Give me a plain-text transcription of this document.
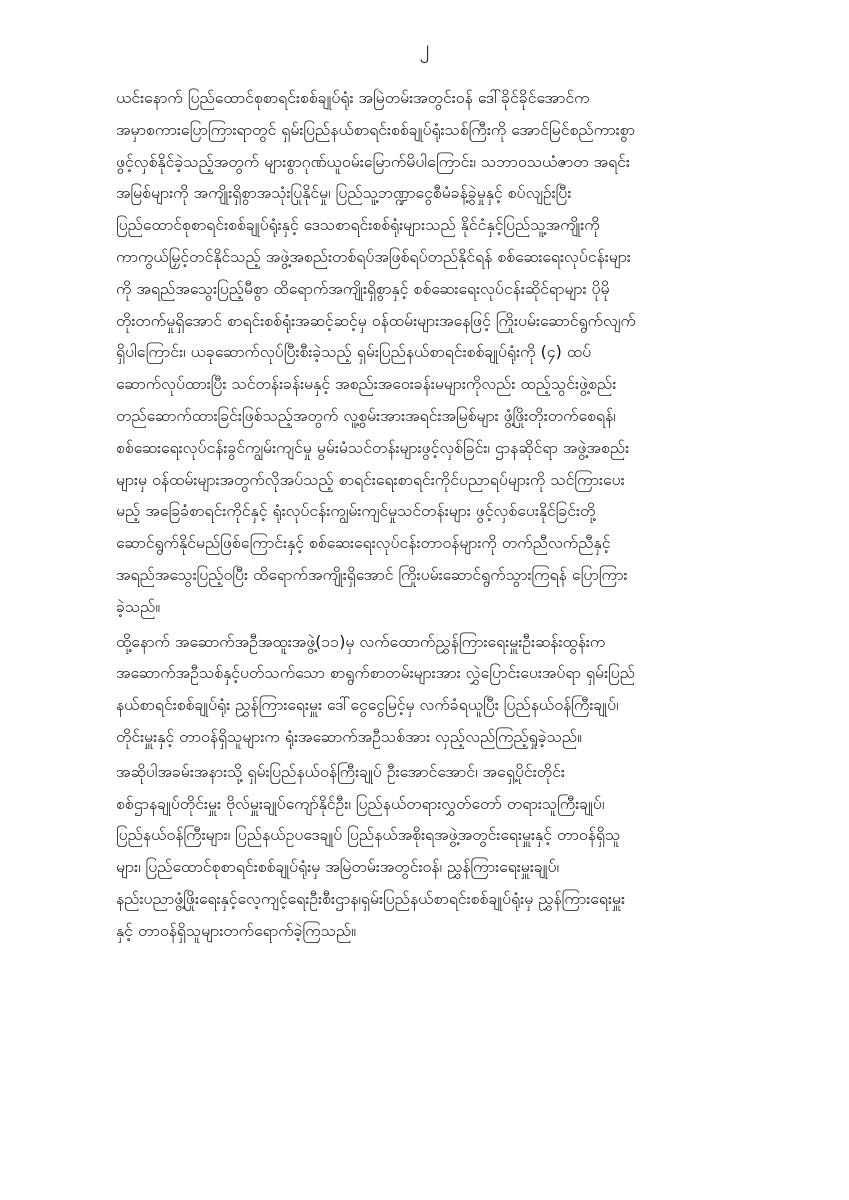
၂

ယင်းနောက် ပြည်ထောင်စုစာရင်းစစ်ချုပ်ရုံး အမြဲတမ်းအတွင်းဝန် ဒေါ်ခိုင်ခိုင်အောင်က
အမှာစကားပြောကြားရာတွင် ရှမ်းပြည်နယ်စာရင်းစစ်ချုပ်ရုံးသစ်ကြီးကို အောင်မြင်စည်ကားစွာ
ဖွင့်လှစ်နိုင်ခဲ့သည့်အတွက် များစွာဂုဏ်ယူဝမ်းမြောက်မိပါကြောင်း၊ သဘာဝသယံဇာတ အရင်း
အမြစ်များကို အကျိုးရှိစွာအသုံးပြုနိုင်မှု၊ ပြည်သူ့ဘဏ္ဍာငွေစီမံခန့်ခွဲမှုနှင့် စပ်လျဉ်းပြီး
ပြည်ထောင်စုစာရင်းစစ်ချုပ်ရုံးနှင့် ဒေသစာရင်းစစ်ရုံးများသည် နိုင်ငံနှင့်ပြည်သူ့အကျိုးကို
ကာကွယ်မြှင့်တင်နိုင်သည့် အဖွဲ့အစည်းတစ်ရပ်အဖြစ်ရပ်တည်နိုင်ရန် စစ်ဆေးရေးလုပ်ငန်းများ
ကို အရည်အသွေးပြည့်မီစွာ ထိရောက်အကျိုးရှိစွာနှင့် စစ်ဆေးရေးလုပ်ငန်းဆိုင်ရာများ ပိုမို
တိုးတက်မှုရှိအောင် စာရင်းစစ်ရုံးအဆင့်ဆင့်မှ ဝန်ထမ်းများအနေဖြင့် ကြိုးပမ်းဆောင်ရွက်လျက်
ရှိပါကြောင်း၊ ယခုဆောက်လုပ်ပြီးစီးခဲ့သည့် ရှမ်းပြည်နယ်စာရင်းစစ်ချုပ်ရုံးကို (၄) ထပ်
ဆောက်လုပ်ထားပြီး သင်တန်းခန်းမနှင့် အစည်းအဝေးခန်းမများကိုလည်း ထည့်သွင်းဖွဲ့စည်း
တည်ဆောက်ထားခြင်းဖြစ်သည့်အတွက် လူ့စွမ်းအားအရင်းအမြစ်များ ဖွံ့ဖြိုးတိုးတက်စေရန်၊
စစ်ဆေးရေးလုပ်ငန်းခွင်ကျွမ်းကျင်မှု မွမ်းမံသင်တန်းများဖွင့်လှစ်ခြင်း၊ ဌာနဆိုင်ရာ အဖွဲ့အစည်း
များမှ ဝန်ထမ်းများအတွက်လိုအပ်သည့် စာရင်းရေးစာရင်းကိုင်ပညာရပ်များကို သင်ကြားပေး
မည့် အခြေခံစာရင်းကိုင်နှင့် ရုံးလုပ်ငန်းကျွမ်းကျင်မှုသင်တန်းများ ဖွင့်လှစ်ပေးနိုင်ခြင်းတို့
ဆောင်ရွက်နိုင်မည်ဖြစ်ကြောင်းနှင့် စစ်ဆေးရေးလုပ်ငန်းတာဝန်များကို တက်ညီလက်ညီနှင့်
အရည်အသွေးပြည့်ဝပြီး ထိရောက်အကျိုးရှိအောင် ကြိုးပမ်းဆောင်ရွက်သွားကြရန် ပြောကြား
ခဲ့သည်။

ထို့နောက် အဆောက်အဦအထူးအဖွဲ့(၁၁)မှ လက်ထောက်ညွှန်ကြားရေးမှူးဦးဆန်းထွန်းက
အဆောက်အဦသစ်နှင့်ပတ်သက်သော စာရွက်စာတမ်းများအား လွှဲပြောင်းပေးအပ်ရာ ရှမ်းပြည်
နယ်စာရင်းစစ်ချုပ်ရုံး ညွှန်ကြားရေးမှူး ဒေါ်ငွေငွေမြင့်မှ လက်ခံရယူပြီး ပြည်နယ်ဝန်ကြီးချုပ်၊
တိုင်းမှူးနှင့် တာဝန်ရှိသူများက ရုံးအဆောက်အဦသစ်အား လှည့်လည်ကြည့်ရှုခဲ့သည်။

အဆိုပါအခမ်းအနားသို့ ရှမ်းပြည်နယ်ဝန်ကြီးချုပ် ဦးအောင်အောင်၊ အရှေ့ပိုင်းတိုင်း
စစ်ဌာနချုပ်တိုင်းမှူး ဗိုလ်မှူးချုပ်ကျော်နိုင်ဦး၊ ပြည်နယ်တရားလွှတ်တော် တရားသူကြီးချုပ်၊
ပြည်နယ်ဝန်ကြီးများ၊ ပြည်နယ်ဥပဒေချုပ် ပြည်နယ်အစိုးရအဖွဲ့အတွင်းရေးမှူးနှင့် တာဝန်ရှိသူ
များ၊ ပြည်ထောင်စုစာရင်းစစ်ချုပ်ရုံးမှ အမြဲတမ်းအတွင်းဝန်၊ ညွှန်ကြားရေးမှူးချုပ်၊
နည်းပညာဖွံ့ဖြိုးရေးနှင့်လေ့ကျင့်ရေးဦးစီးဌာန၊ရှမ်းပြည်နယ်စာရင်းစစ်ချုပ်ရုံးမှ ညွှန်ကြားရေးမှူး
နှင့် တာဝန်ရှိသူများတက်ရောက်ခဲ့ကြသည်။
